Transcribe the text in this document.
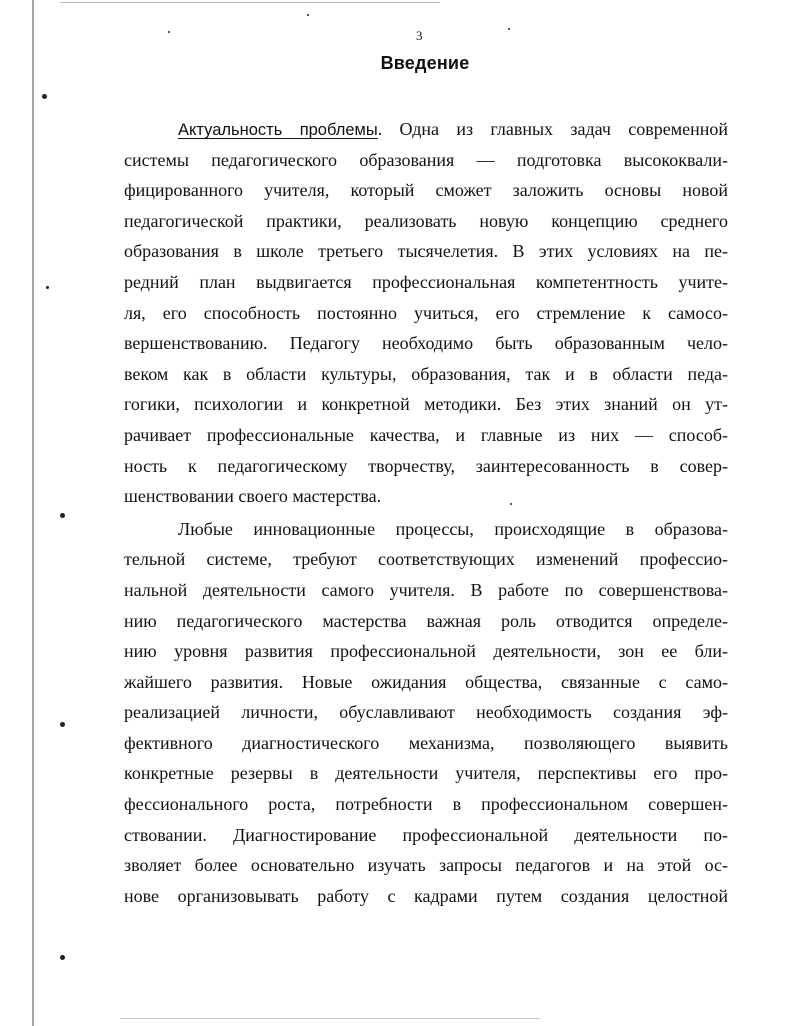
3
Введение
Актуальность проблемы. Одна из главных задач современной
системы педагогического образования — подготовка высококвали-
фицированного учителя, который сможет заложить основы новой
педагогической практики, реализовать новую концепцию среднего
образования в школе третьего тысячелетия. В этих условиях на пе-
редний план выдвигается профессиональная компетентность учите-
ля, его способность постоянно учиться, его стремление к самосо-
вершенствованию. Педагогу необходимо быть образованным чело-
веком как в области культуры, образования, так и в области педа-
гогики, психологии и конкретной методики. Без этих знаний он ут-
рачивает профессиональные качества, и главные из них — способ-
ность к педагогическому творчеству, заинтересованность в совер-
шенствовании своего мастерства.
Любые инновационные процессы, происходящие в образова-
тельной системе, требуют соответствующих изменений профессио-
нальной деятельности самого учителя. В работе по совершенствова-
нию педагогического мастерства важная роль отводится определе-
нию уровня развития профессиональной деятельности, зон ее бли-
жайшего развития. Новые ожидания общества, связанные с само-
реализацией личности, обуславливают необходимость создания эф-
фективного диагностического механизма, позволяющего выявить
конкретные резервы в деятельности учителя, перспективы его про-
фессионального роста, потребности в профессиональном совершен-
ствовании. Диагностирование профессиональной деятельности по-
зволяет более основательно изучать запросы педагогов и на этой ос-
нове организовывать работу с кадрами путем создания целостной
